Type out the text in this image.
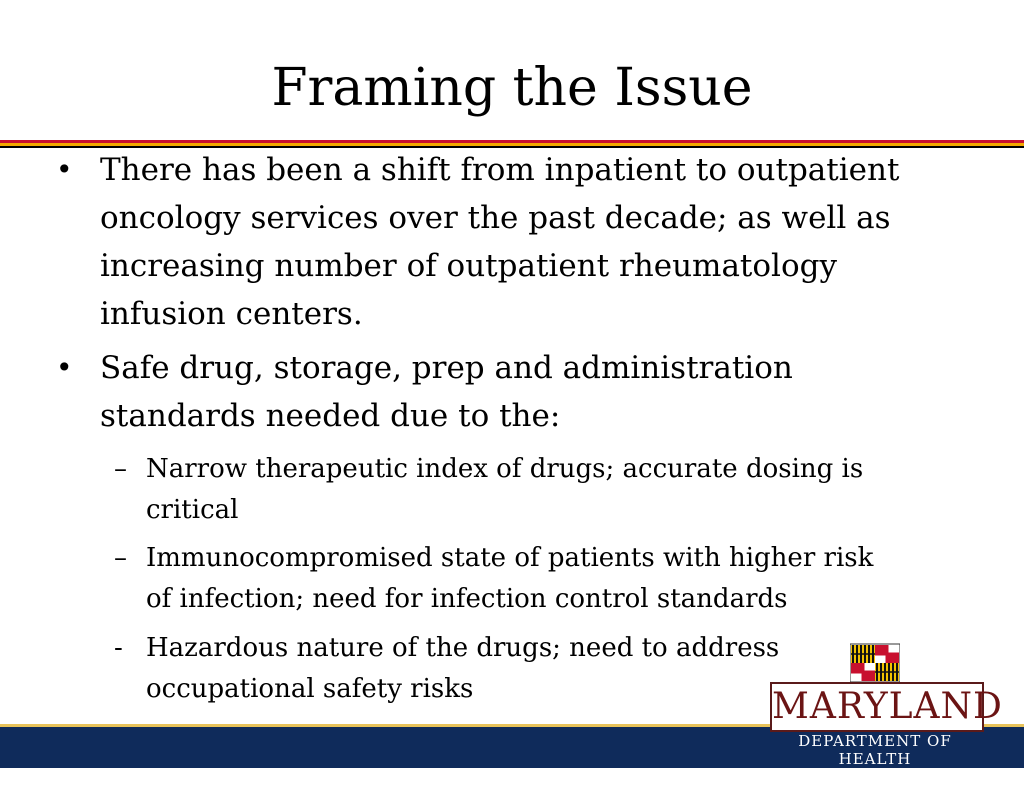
Framing the Issue
• There has been a shift from inpatient to outpatient
oncology services over the past decade; as well as
increasing number of outpatient rheumatology
infusion centers.
• Safe drug, storage, prep and administration
standards needed due to the:
– Narrow therapeutic index of drugs; accurate dosing is
critical
– Immunocompromised state of patients with higher risk
of infection; need for infection control standards
- Hazardous nature of the drugs; need to address
occupational safety risks	MARYLAND
DEPARTMENT OF HEALTH
& MENTAL HYGIENE
